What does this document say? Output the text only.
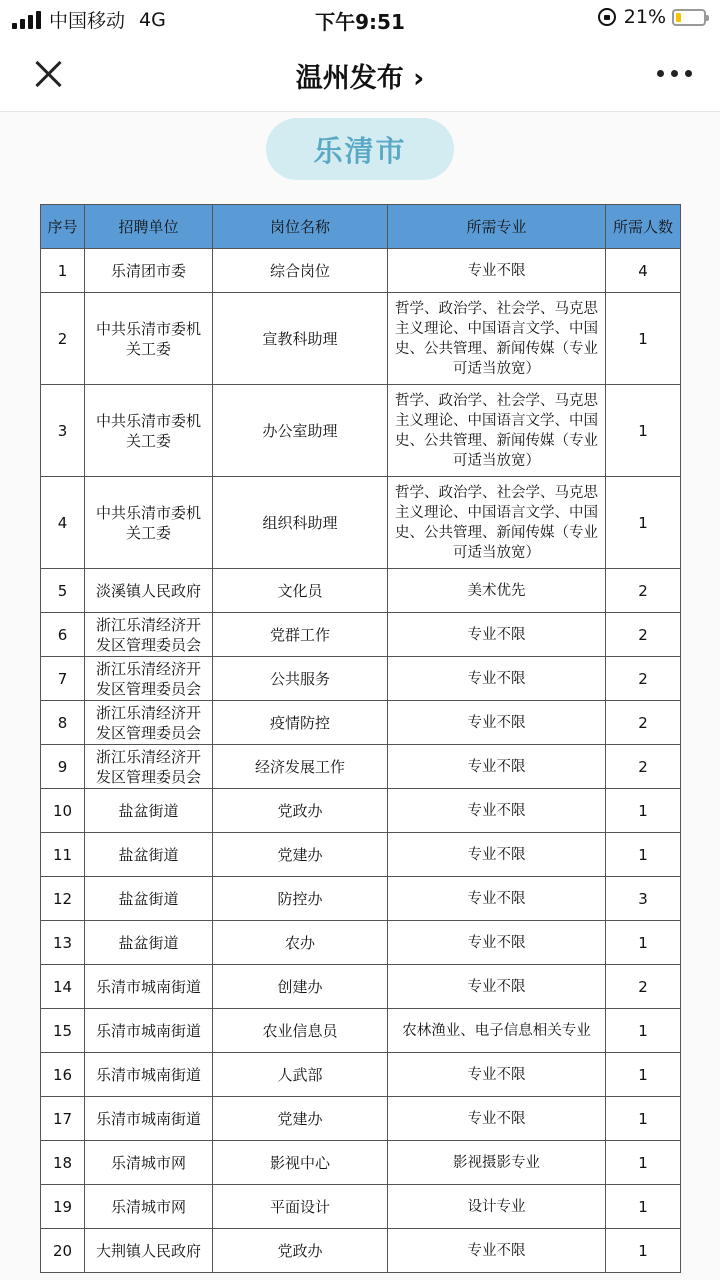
中国移动 4G	下午9:51	21%
温州发布 ›
乐清市
序号	招聘单位	岗位名称	所需专业	所需人数
1	乐清团市委	综合岗位	专业不限	4
2	中共乐清市委机关工委	宣教科助理	哲学、政治学、社会学、马克思主义理论、中国语言文学、中国史、公共管理、新闻传媒（专业可适当放宽）	1
3	中共乐清市委机关工委	办公室助理	哲学、政治学、社会学、马克思主义理论、中国语言文学、中国史、公共管理、新闻传媒（专业可适当放宽）	1
4	中共乐清市委机关工委	组织科助理	哲学、政治学、社会学、马克思主义理论、中国语言文学、中国史、公共管理、新闻传媒（专业可适当放宽）	1
5	淡溪镇人民政府	文化员	美术优先	2
6	浙江乐清经济开发区管理委员会	党群工作	专业不限	2
7	浙江乐清经济开发区管理委员会	公共服务	专业不限	2
8	浙江乐清经济开发区管理委员会	疫情防控	专业不限	2
9	浙江乐清经济开发区管理委员会	经济发展工作	专业不限	2
10	盐盆街道	党政办	专业不限	1
11	盐盆街道	党建办	专业不限	1
12	盐盆街道	防控办	专业不限	3
13	盐盆街道	农办	专业不限	1
14	乐清市城南街道	创建办	专业不限	2
15	乐清市城南街道	农业信息员	农林渔业、电子信息相关专业	1
16	乐清市城南街道	人武部	专业不限	1
17	乐清市城南街道	党建办	专业不限	1
18	乐清城市网	影视中心	影视摄影专业	1
19	乐清城市网	平面设计	设计专业	1
20	大荆镇人民政府	党政办	专业不限	1
